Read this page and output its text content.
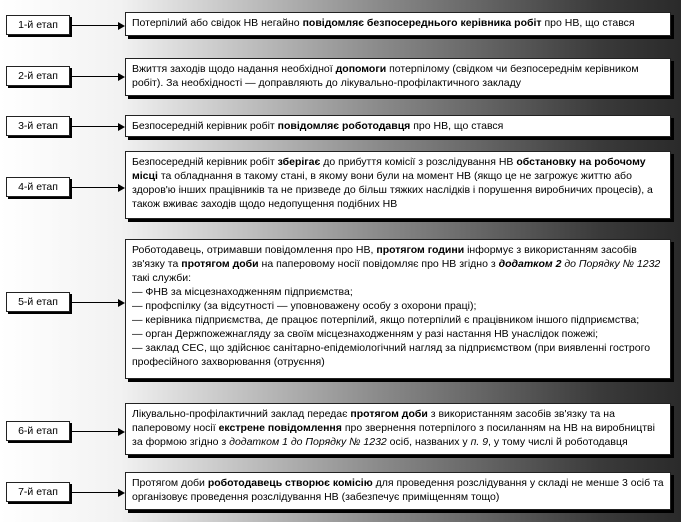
1-й етап	Потерпілий або свідок НВ негайно повідомляє безпосереднього керівника робіт про НВ, що стався

2-й етап

Вжиття заходів щодо надання необхідної допомоги потерпілому (свідком чи безпосереднім керівником робіт). За необхідності — доправляють до лікувально-профілактичного закладу

3-й етап	Безпосередній керівник робіт повідомляє роботодавця про НВ, що стався

4-й етап

Безпосередній керівник робіт зберігає до прибуття комісії з розслідування НВ обстановку на робочому місці та обладнання в такому стані, в якому вони були на момент НВ (якщо це не загрожує життю або здоров'ю інших працівників та не призведе до більш тяжких наслідків і порушення виробничих процесів), а також вживає заходів щодо недопущення подібних НВ

5-й етап

Роботодавець, отримавши повідомлення про НВ, протягом години інформує з використанням засобів зв'язку та протягом доби на паперовому носії повідомляє про НВ згідно з додатком 2 до Порядку № 1232 такі служби:
— ФНВ за місцезнаходженням підприємства;
— профспілку (за відсутності — уповноважену особу з охорони праці);
— керівника підприємства, де працює потерпілий, якщо потерпілий є працівником іншого підприємства;
— орган Держпожежнагляду за своїм місцезнаходженням у разі настання НВ унаслідок пожежі;
— заклад СЕС, що здійснює санітарно-епідеміологічний нагляд за підприємством (при виявленні гострого професійного захворювання (отруєння)

6-й етап

Лікувально-профілактичний заклад передає протягом доби з використанням засобів зв'язку та на паперовому носії екстрене повідомлення про звернення потерпілого з посиланням на НВ на виробництві за формою згідно з додатком 1 до Порядку № 1232 осіб, названих у п. 9, у тому числі й роботодавця

7-й етап

Протягом доби роботодавець створює комісію для проведення розслідування у складі не менше 3 осіб та організовує проведення розслідування НВ (забезпечує приміщенням тощо)
